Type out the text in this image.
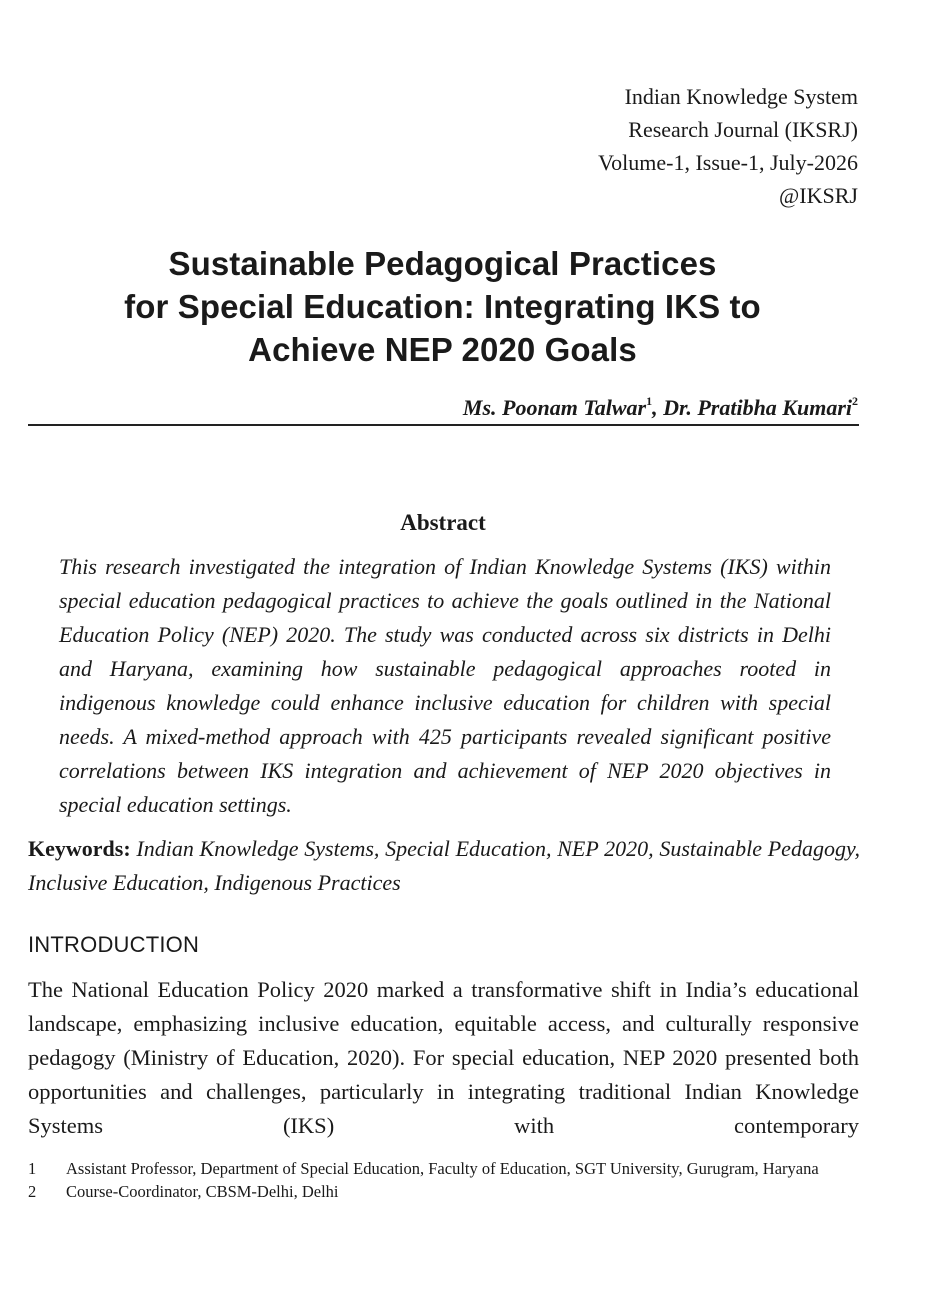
Indian Knowledge System
Research Journal (IKSRJ)
Volume-1, Issue-1, July-2026
@IKSRJ
Sustainable Pedagogical Practices
for Special Education: Integrating IKS to
Achieve NEP 2020 Goals
Ms. Poonam Talwar$^1$, Dr. Pratibha Kumari$^2$
Abstract
This research investigated the integration of Indian Knowledge Systems (IKS) within special education pedagogical practices to achieve the goals outlined in the National Education Policy (NEP) 2020. The study was conducted across six districts in Delhi and Haryana, examining how sustainable pedagogical approaches rooted in indigenous knowledge could enhance inclusive education for children with special needs. A mixed-method approach with 425 participants revealed significant positive correlations between IKS integration and achievement of NEP 2020 objectives in special education settings.
Keywords: Indian Knowledge Systems, Special Education, NEP 2020, Sustainable Pedagogy, Inclusive Education, Indigenous Practices
INTRODUCTION
The National Education Policy 2020 marked a transformative shift in India’s educational landscape, emphasizing inclusive education, equitable access, and culturally responsive pedagogy (Ministry of Education, 2020). For special education, NEP 2020 presented both opportunities and challenges, particularly in integrating traditional Indian Knowledge Systems (IKS) with contemporary
1	Assistant Professor, Department of Special Education, Faculty of Education, SGT University, Gurugram, Haryana
2	Course-Coordinator, CBSM-Delhi, Delhi
